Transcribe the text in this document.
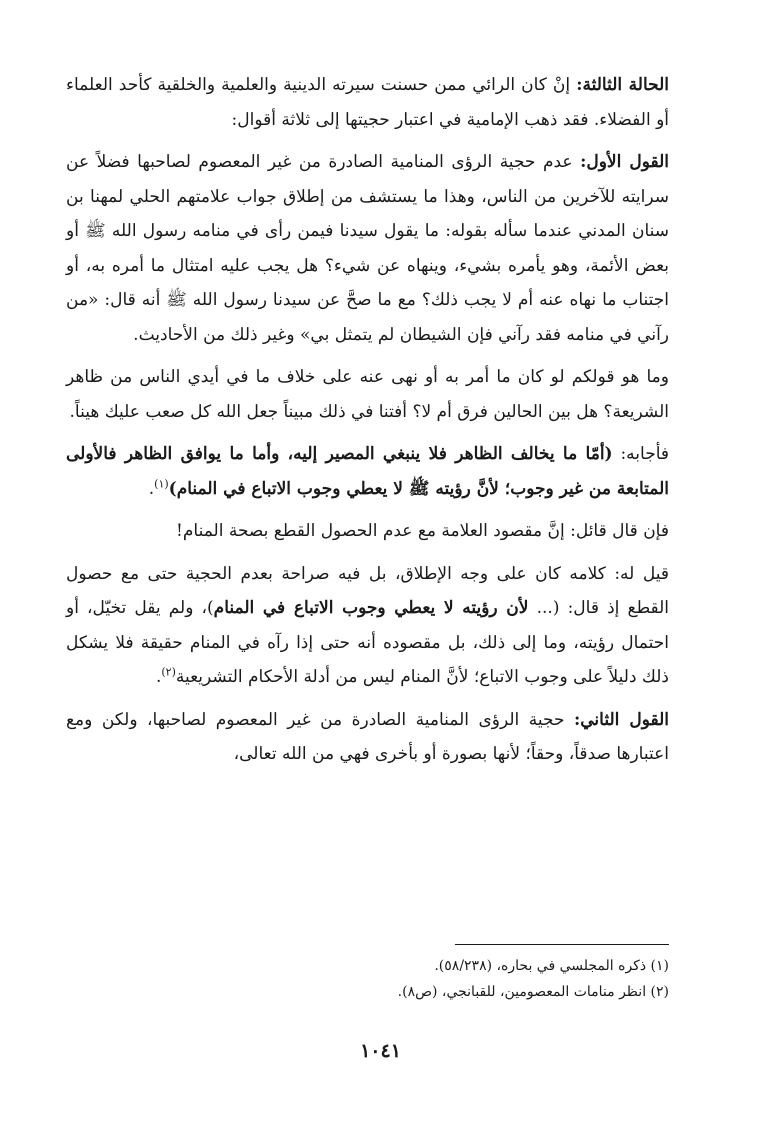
الحالة الثالثة: إنْ كان الرائي ممن حسنت سيرته الدينية والعلمية والخلقية كأحد العلماء أو الفضلاء. فقد ذهب الإمامية في اعتبار حجيتها إلى ثلاثة أقوال:

القول الأول: عدم حجية الرؤى المنامية الصادرة من غير المعصوم لصاحبها فضلاً عن سرايته للآخرين من الناس، وهذا ما يستشف من إطلاق جواب علامتهم الحلي لمهنا بن سنان المدني عندما سأله بقوله: ما يقول سيدنا فيمن رأى في منامه رسول الله ﷺ أو بعض الأئمة، وهو يأمره بشيء، وينهاه عن شيء؟ هل يجب عليه امتثال ما أمره به، أو اجتناب ما نهاه عنه أم لا يجب ذلك؟ مع ما صحَّ عن سيدنا رسول الله ﷺ أنه قال: «من رآني في منامه فقد رآني فإن الشيطان لم يتمثل بي» وغير ذلك من الأحاديث.

وما هو قولكم لو كان ما أمر به أو نهى عنه على خلاف ما في أيدي الناس من ظاهر الشريعة؟ هل بين الحالين فرق أم لا؟ أفتنا في ذلك مبيناً جعل الله كل صعب عليك هيناً.

فأجابه: (أمّا ما يخالف الظاهر فلا ينبغي المصير إليه، وأما ما يوافق الظاهر فالأولى المتابعة من غير وجوب؛ لأنَّ رؤيته ﷺ لا يعطي وجوب الاتباع في المنام)$^{(١)}$.

فإن قال قائل: إنَّ مقصود العلامة مع عدم الحصول القطع بصحة المنام!

قيل له: كلامه كان على وجه الإطلاق، بل فيه صراحة بعدم الحجية حتى مع حصول القطع إذ قال: (... لأن رؤيته لا يعطي وجوب الاتباع في المنام)، ولم يقل تخيّل، أو احتمال رؤيته، وما إلى ذلك، بل مقصوده أنه حتى إذا رآه في المنام حقيقة فلا يشكل ذلك دليلاً على وجوب الاتباع؛ لأنَّ المنام ليس من أدلة الأحكام التشريعية$^{(٢)}$.

القول الثاني: حجية الرؤى المنامية الصادرة من غير المعصوم لصاحبها، ولكن ومع اعتبارها صدقاً، وحقاً؛ لأنها بصورة أو بأخرى فهي من الله تعالى،

(١) ذكره المجلسي في بحاره، (٥٨/٢٣٨).

(٢) انظر منامات المعصومين، للقبانجي، (ص٨).

١٠٤١
